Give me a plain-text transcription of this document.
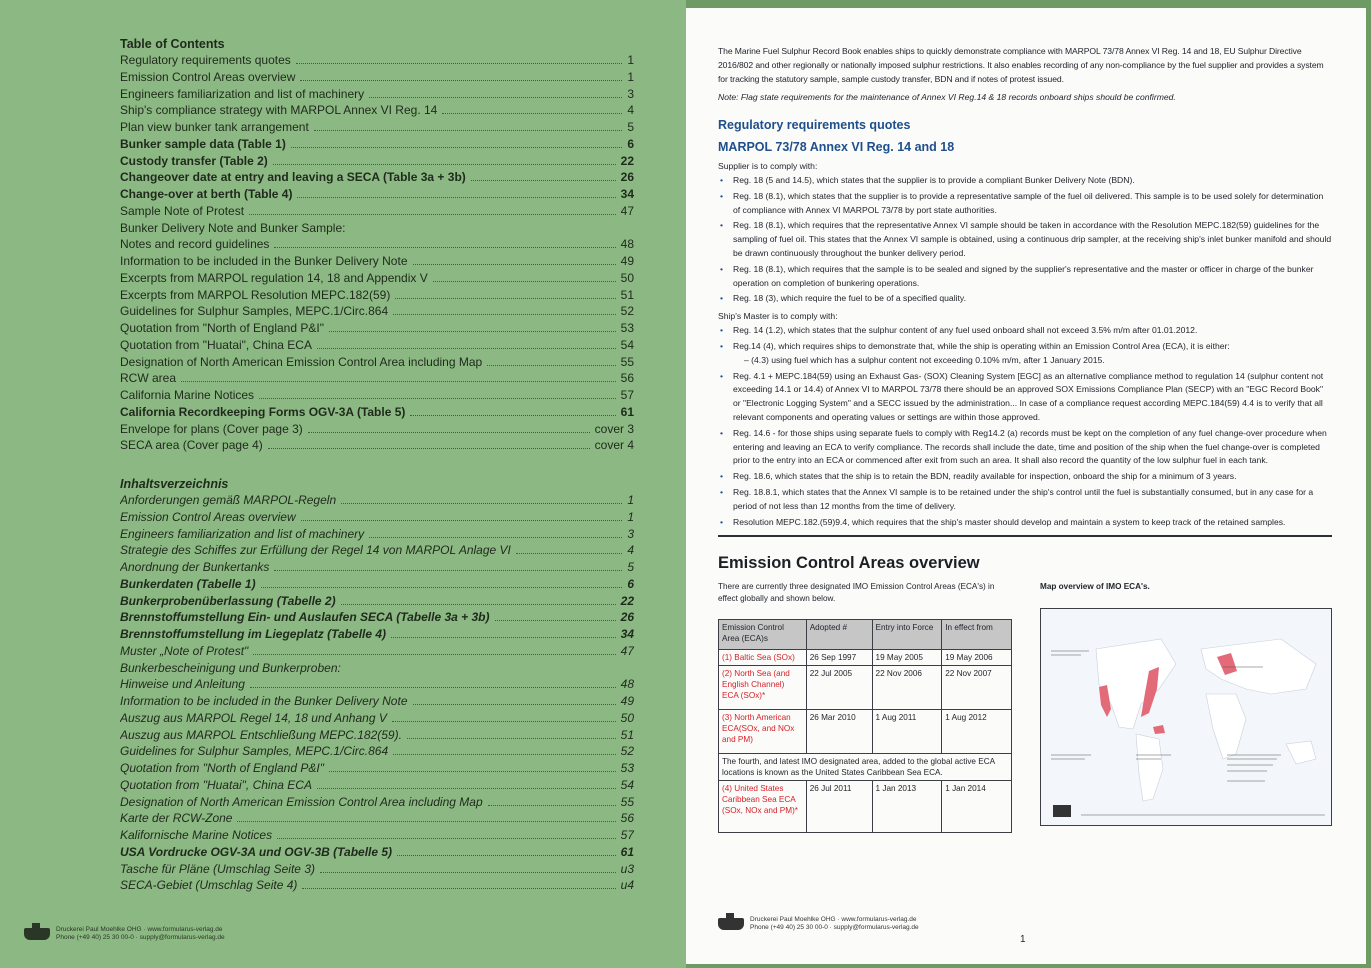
Table of Contents
Regulatory requirements quotes	1
Emission Control Areas overview	1
Engineers familiarization and list of machinery	3
Ship's compliance strategy with MARPOL Annex VI Reg. 14	4
Plan view bunker tank arrangement	5
Bunker sample data (Table 1)	6
Custody transfer (Table 2)	22
Changeover date at entry and leaving a SECA (Table 3a + 3b)	26
Change-over at berth (Table 4)	34
Sample Note of Protest	47
Bunker Delivery Note and Bunker Sample:
Notes and record guidelines	48
Information to be included in the Bunker Delivery Note	49
Excerpts from MARPOL regulation 14, 18 and Appendix V	50
Excerpts from MARPOL Resolution MEPC.182(59)	51
Guidelines for Sulphur Samples, MEPC.1/Circ.864	52
Quotation from "North of England P&I"	53
Quotation from "Huatai", China ECA	54
Designation of North American Emission Control Area including Map	55
RCW area	56
California Marine Notices	57
California Recordkeeping Forms OGV-3A (Table 5)	61
Envelope for plans (Cover page 3)	cover 3
SECA area (Cover page 4)	cover 4
Inhaltsverzeichnis
Anforderungen gemäß MARPOL-Regeln	1
Emission Control Areas overview	1
Engineers familiarization and list of machinery	3
Strategie des Schiffes zur Erfüllung der Regel 14 von MARPOL Anlage VI	4
Anordnung der Bunkertanks	5
Bunkerdaten (Tabelle 1)	6
Bunkerprobenüberlassung (Tabelle 2)	22
Brennstoffumstellung Ein- und Auslaufen SECA (Tabelle 3a + 3b)	26
Brennstoffumstellung im Liegeplatz (Tabelle 4)	34
Muster „Note of Protest"	47
Bunkerbescheinigung und Bunkerproben:
Hinweise und Anleitung	48
Information to be included in the Bunker Delivery Note	49
Auszug aus MARPOL Regel 14, 18 und Anhang V	50
Auszug aus MARPOL Entschließung MEPC.182(59).	51
Guidelines for Sulphur Samples, MEPC.1/Circ.864	52
Quotation from "North of England P&I"	53
Quotation from "Huatai", China ECA	54
Designation of North American Emission Control Area including Map	55
Karte der RCW-Zone	56
Kalifornische Marine Notices	57
USA Vordrucke OGV-3A und OGV-3B (Tabelle 5)	61
Tasche für Pläne (Umschlag Seite 3)	u3
SECA-Gebiet (Umschlag Seite 4)	u4
Druckerei Paul Moehlke OHG · www.formularus-verlag.de
Phone (+49 40) 25 30 00-0 · supply@formularus-verlag.de

The Marine Fuel Sulphur Record Book enables ships to quickly demonstrate compliance with MARPOL 73/78 Annex VI Reg. 14 and 18, EU Sulphur Directive 2016/802 and other regionally or nationally imposed sulphur restrictions. It also enables recording of any non-compliance by the fuel supplier and provides a system for tracking the statutory sample, sample custody transfer, BDN and if notes of protest issued.

Note: Flag state requirements for the maintenance of Annex VI Reg.14 & 18 records onboard ships should be confirmed.

Regulatory requirements quotes
MARPOL 73/78 Annex VI Reg. 14 and 18

Supplier is to comply with:

• Reg. 18 (5 and 14.5), which states that the supplier is to provide a compliant Bunker Delivery Note (BDN).
• Reg. 18 (8.1), which states that the supplier is to provide a representative sample of the fuel oil delivered. This sample is to be used solely for determination of compliance with Annex VI MARPOL 73/78 by port state authorities.
• Reg. 18 (8.1), which requires that the representative Annex VI sample should be taken in accordance with the Resolution MEPC.182(59) guidelines for the sampling of fuel oil. This states that the Annex VI sample is obtained, using a continuous drip sampler, at the receiving ship's inlet bunker manifold and should be drawn continuously throughout the bunker delivery period.
• Reg. 18 (8.1), which requires that the sample is to be sealed and signed by the supplier's representative and the master or officer in charge of the bunker operation on completion of bunkering operations.
• Reg. 18 (3), which require the fuel to be of a specified quality.

Ship's Master is to comply with:

• Reg. 14 (1.2), which states that the sulphur content of any fuel used onboard shall not exceed 3.5% m/m after 01.01.2012.
• Reg.14 (4), which requires ships to demonstrate that, while the ship is operating within an Emission Control Area (ECA), it is either:
– (4.3) using fuel which has a sulphur content not exceeding 0.10% m/m, after 1 January 2015.
• Reg. 4.1 + MEPC.184(59) using an Exhaust Gas- (SOX) Cleaning System [EGC] as an alternative compliance method to regulation 14 (sulphur content not exceeding 14.1 or 14.4) of Annex VI to MARPOL 73/78 there should be an approved SOX Emissions Compliance Plan (SECP) with an "EGC Record Book" or "Electronic Logging System" and a SECC issued by the administration... In case of a compliance request according MEPC.184(59) 4.4 is to verify that all relevant components and operating values or settings are within those approved.
• Reg. 14.6 - for those ships using separate fuels to comply with Reg14.2 (a) records must be kept on the completion of any fuel change-over procedure when entering and leaving an ECA to verify compliance. The records shall include the date, time and position of the ship when the fuel change-over is completed prior to the entry into an ECA or commenced after exit from such an area. It shall also record the quantity of the low sulphur fuel in each tank.
• Reg. 18.6, which states that the ship is to retain the BDN, readily available for inspection, onboard the ship for a minimum of 3 years.
• Reg. 18.8.1, which states that the Annex VI sample is to be retained under the ship's control until the fuel is substantially consumed, but in any case for a period of not less than 12 months from the time of delivery.
• Resolution MEPC.182.(59)9.4, which requires that the ship's master should develop and maintain a system to keep track of the retained samples.
Emission Control Areas overview

There are currently three designated IMO Emission Control Areas (ECA's) in effect globally and shown below.

Emission Control Area (ECA)s	Adopted #	Entry into Force	In effect from
(1) Baltic Sea (SOx)	26 Sep 1997	19 May 2005	19 May 2006
(2) North Sea (and English Channel) ECA (SOx)*	22 Jul 2005	22 Nov 2006	22 Nov 2007
(3) North American ECA(SOx, and NOx and PM)	26 Mar 2010	1 Aug 2011	1 Aug 2012
The fourth, and latest IMO designated area, added to the global active ECA locations is known as the United States Caribbean Sea ECA.			
(4) United States Caribbean Sea ECA (SOx, NOx and PM)*	26 Jul 2011	1 Jan 2013	1 Jan 2014

Map overview of IMO ECA's.

Druckerei Paul Moehlke OHG · www.formularus-verlag.de
Phone (+49 40) 25 30 00-0 · supply@formularus-verlag.de
1
